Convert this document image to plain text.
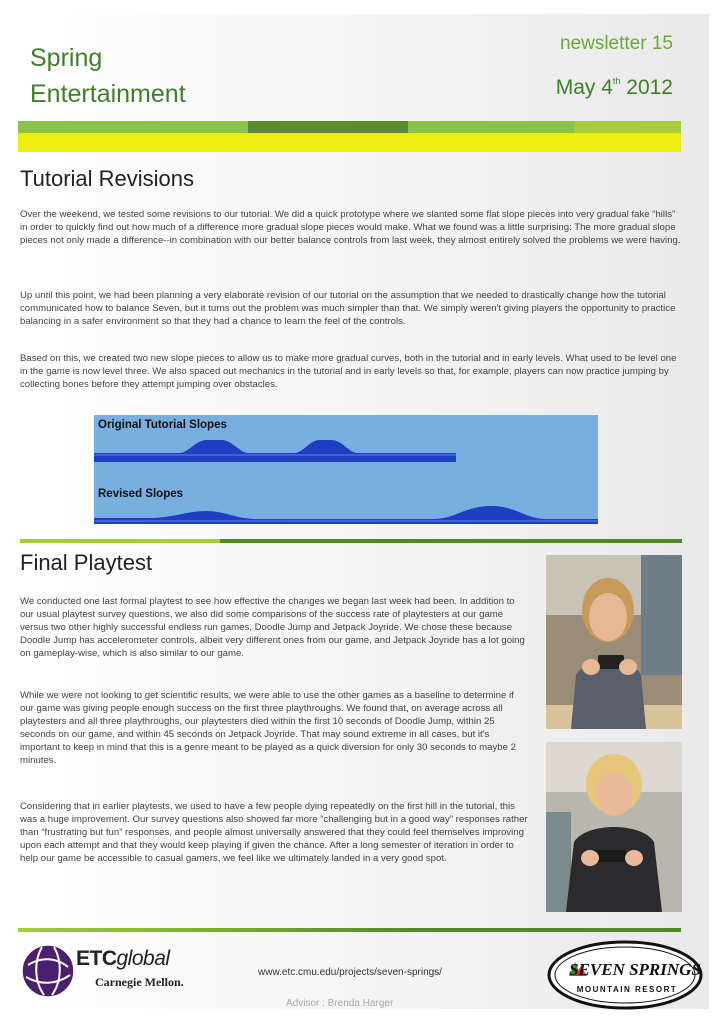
Spring
Entertainment
newsletter 15
May 4th 2012
Tutorial Revisions

Over the weekend, we tested some revisions to our tutorial. We did a quick prototype where we slanted some flat slope pieces into very gradual fake “hills” in order to quickly find out how much of a difference more gradual slope pieces would make. What we found was a little surprising: The more gradual slope pieces not only made a difference--in combination with our better balance controls from last week, they almost entirely solved the problems we were having.

Up until this point, we had been planning a very elaborate revision of our tutorial on the assumption that we needed to drastically change how the tutorial communicated how to balance Seven, but it turns out the problem was much simpler than that. We simply weren't giving players the opportunity to practice balancing in a safer environment so that they had a chance to learn the feel of the controls.

Based on this, we created two new slope pieces to allow us to make more gradual curves, both in the tutorial and in early levels. What used to be level one in the game is now level three. We also spaced out mechanics in the tutorial and in early levels so that, for example, players can now practice jumping by collecting bones before they attempt jumping over obstacles.

Original Tutorial Slopes
Revised Slopes
Final Playtest

We conducted one last formal playtest to see how effective the changes we began last week had been. In addition to our usual playtest survey questions, we also did some comparisons of the success rate of playtesters at our game versus two other highly successful endless run games, Doodle Jump and Jetpack Joyride. We chose these because Doodle Jump has accelerometer controls, albeit very different ones from our game, and Jetpack Joyride has a lot going on gameplay-wise, which is also similar to our game.

While we were not looking to get scientific results, we were able to use the other games as a baseline to determine if our game was giving people enough success on the first three playthroughs. We found that, on average across all playtesters and all three playthroughs, our playtesters died within the first 10 seconds of Doodle Jump, within 25 seconds on our game, and within 45 seconds on Jetpack Joyride. That may sound extreme in all cases, but it's important to keep in mind that this is a genre meant to be played as a quick diversion for only 30 seconds to maybe 2 minutes.

Considering that in earlier playtests, we used to have a few people dying repeatedly on the first hill in the tutorial, this was a huge improvement. Our survey questions also showed far more “challenging but in a good way” responses rather than “frustrating but fun” responses, and people almost universally answered that they could feel themselves improving upon each attempt and that they would keep playing if given the chance. After a long semester of iteration in order to help our game be accessible to casual gamers, we feel like we ultimately landed in a very good spot.

ETCglobal
Carnegie Mellon.
www.etc.cmu.edu/projects/seven-springs/
Advisor : Brenda Harger
SEVEN SPRINGS
MOUNTAIN RESORT
